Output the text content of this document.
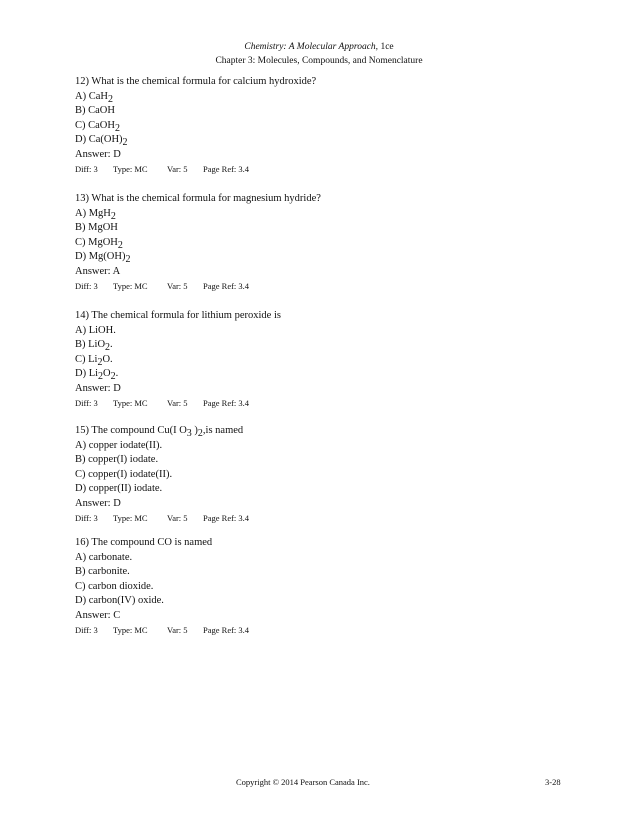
Chemistry: A Molecular Approach, 1ce
Chapter 3: Molecules, Compounds, and Nomenclature
12) What is the chemical formula for calcium hydroxide?
A) CaH2
B) CaOH
C) CaOH2
D) Ca(OH)2
Answer: D
Diff: 3 Type: MC Var: 5 Page Ref: 3.4
13) What is the chemical formula for magnesium hydride?
A) MgH2
B) MgOH
C) MgOH2
D) Mg(OH)2
Answer: A
Diff: 3 Type: MC Var: 5 Page Ref: 3.4
14) The chemical formula for lithium peroxide is
A) LiOH.
B) LiO2.
C) Li2O.
D) Li2O2.
Answer: D
Diff: 3 Type: MC Var: 5 Page Ref: 3.4
15) The compound Cu(I O3 )2,is named
A) copper iodate(II).
B) copper(I) iodate.
C) copper(I) iodate(II).
D) copper(II) iodate.
Answer: D
Diff: 3 Type: MC Var: 5 Page Ref: 3.4
16) The compound CO is named
A) carbonate.
B) carbonite.
C) carbon dioxide.
D) carbon(IV) oxide.
Answer: C
Diff: 3 Type: MC Var: 5 Page Ref: 3.4
Copyright © 2014 Pearson Canada Inc.	3-28
